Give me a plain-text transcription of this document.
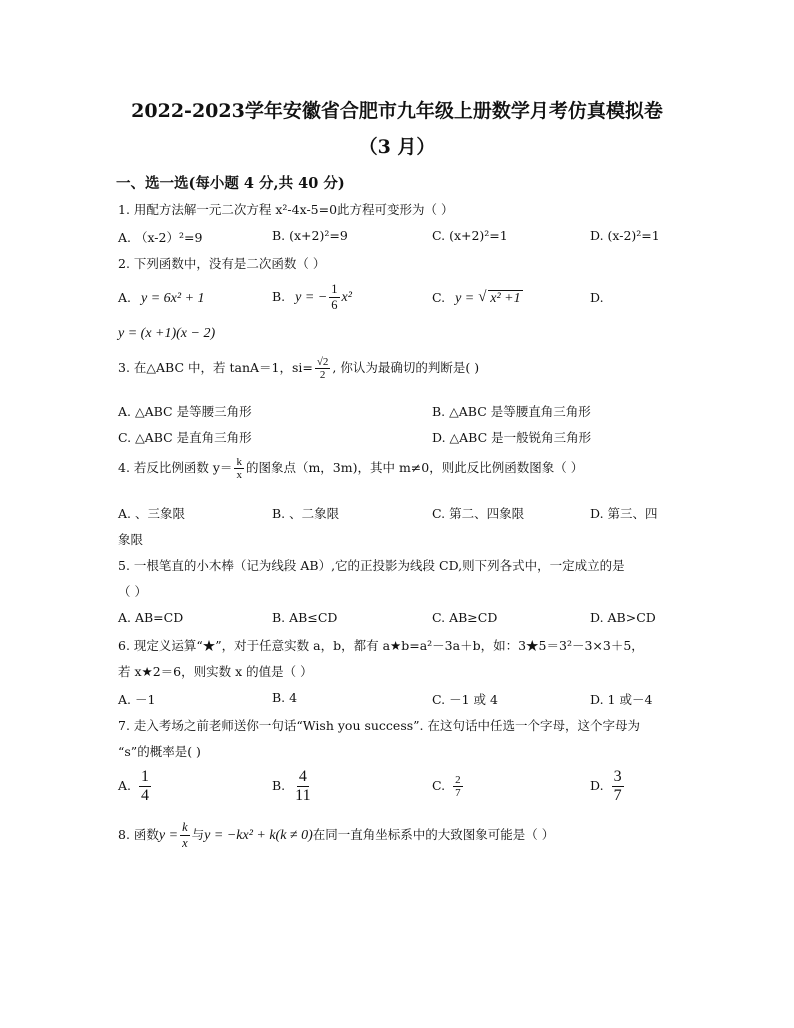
2022-2023学年安徽省合肥市九年级上册数学月考仿真模拟卷
（3 月）
一、选一选(每小题 4 分,共 40 分)
1. 用配方法解一元二次方程 x²-4x-5=0此方程可变形为（ ）
A. （x-2）²=9	B. (x+2)²=9	C. (x+2)²=1	D. (x-2)²=1
2. 下列函数中，没有是二次函数（ ）
A. y = 6x² + 1	B. y = − $\frac{1}{6} x^2$	C. y = √ x² +1	D.
y = (x +1)(x − 2)
3. 在△ABC 中，若 tanA＝1，$si= \frac{√2}{2}$ , 你认为最确切的判断是( )
A. △ABC 是等腰三角形	B. △ABC 是等腰直角三角形
C. △ABC 是直角三角形	D. △ABC 是一般锐角三角形
4. 若反比例函数 $y= \frac{k}{x}$ 的图象点（m，3m)，其中 m≠0，则此反比例函数图象（ ）
A. 、三象限	B. 、二象限	C. 第二、四象限	D. 第三、四
象限
5. 一根笔直的小木棒（记为线段 AB）,它的正投影为线段 CD,则下列各式中，一定成立的是
（ ）
A. AB=CD	B. AB≤CD	C. AB≥CD	D. AB>CD
6. 现定义运算“★”，对于任意实数 a，b，都有 a★b=a²－3a＋b，如：3★5＝3²－3×3＋5，
若 x★2＝6，则实数 x 的值是（ ）
A. －1	B. 4	C. －1 或 4	D. 1 或－4
7. 走入考场之前老师送你一句话“Wish you success”. 在这句话中任选一个字母，这个字母为
“s”的概率是( )
A. $\frac{1}{4}$	B. $\frac{4}{11}$	C. $\frac{2}{7}$	D. $\frac{3}{7}$
8. 函数$y = \frac{k}{x}$ 与y = −kx² + k(k ≠ 0)在同一直角坐标系中的大致图象可能是（ ）
